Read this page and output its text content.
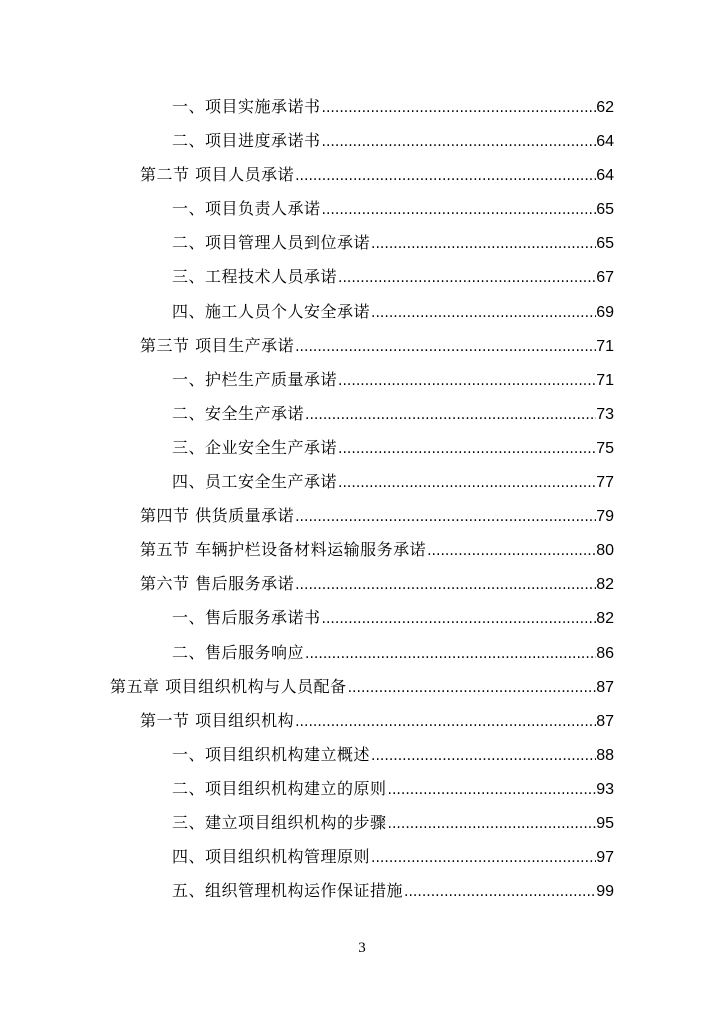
一、项目实施承诺书 .....	62
二、项目进度承诺书 .....	64
第二节 项目人员承诺 .....	64
一、项目负责人承诺 .....	65
二、项目管理人员到位承诺 .....	65
三、工程技术人员承诺 .....	67
四、施工人员个人安全承诺 .....	69
第三节 项目生产承诺 .....	71
一、护栏生产质量承诺 .....	71
二、安全生产承诺 .....	73
三、企业安全生产承诺 .....	75
四、员工安全生产承诺 .....	77
第四节 供货质量承诺 .....	79
第五节 车辆护栏设备材料运输服务承诺 .....	80
第六节 售后服务承诺 .....	82
一、售后服务承诺书 .....	82
二、售后服务响应 .....	86
第五章 项目组织机构与人员配备 .....	87
第一节 项目组织机构 .....	87
一、项目组织机构建立概述 .....	88
二、项目组织机构建立的原则 .....	93
三、建立项目组织机构的步骤 .....	95
四、项目组织机构管理原则 .....	97
五、组织管理机构运作保证措施 .....	99
3
